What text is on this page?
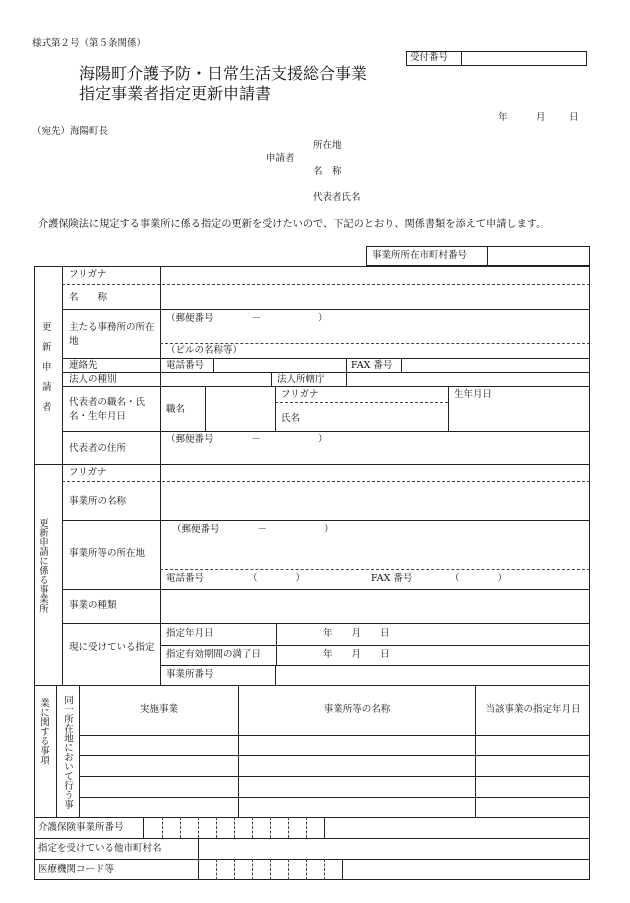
様式第２号（第５条関係）
受付番号
海陽町介護予防・日常生活支援総合事業
指定事業者指定更新申請書
年	月 日
（宛先）海陽町長
所在地
申請者
名　称
代表者氏名
介護保険法に規定する事業所に係る指定の更新を受けたいので、下記のとおり、関係書類を添えて申請します。
事業所所在市町村番号
更新申請者
フリガナ
名　　称
主たる事務所の所在地
（郵便番号　　　　－　　　　　　）
（ビルの名称等）
連絡先	電話番号	FAX 番号
法人の種別	法人所轄庁
代表者の職名・氏名・生年月日
職名
フリガナ
氏名
生年月日
代表者の住所
（郵便番号　　　　－　　　　　　）
更新申請に係る事業所
フリガナ
事業所の名称
事業所等の所在地
（郵便番号　　　　－　　　　　　）
電話番号	（　　　　）	FAX 番号	（　　　　）
事業の種類
現に受けている指定
指定年月日	年　　月　　日
指定有効期間の満了日	年　　月　　日
事業所番号
業に関する事項 同一所在地において行う事	実施事業	事業所等の名称	当該事業の指定年月日
介護保険事業所番号
指定を受けている他市町村名
医療機関コード等
